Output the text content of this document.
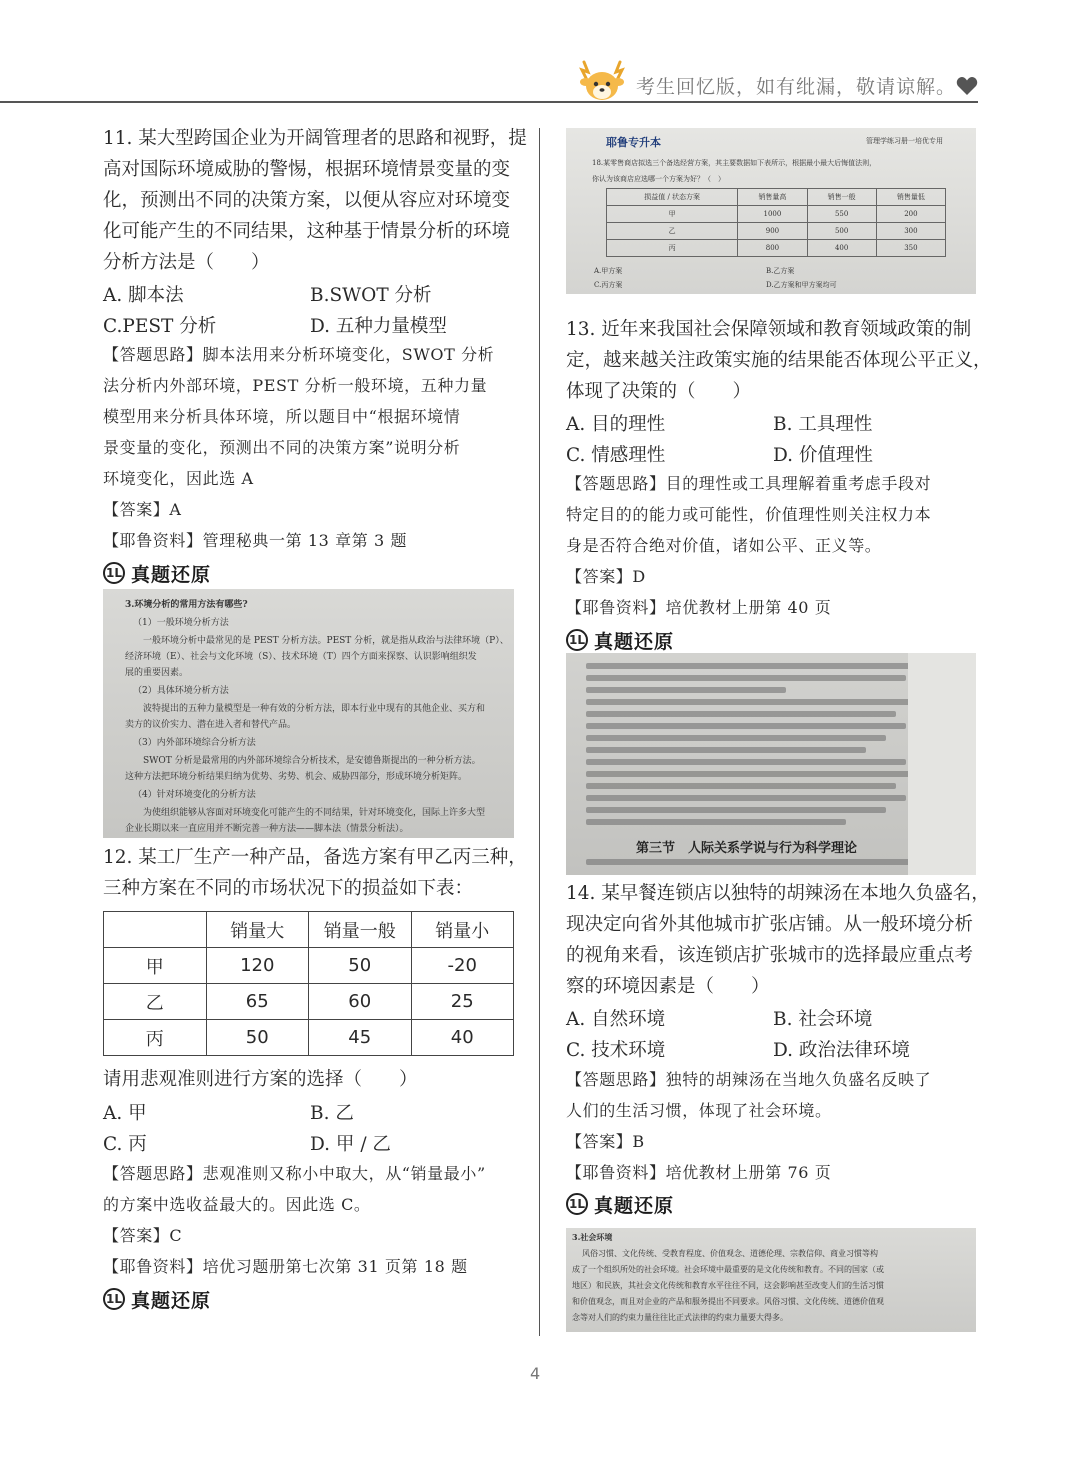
考生回忆版，如有纰漏，敬请谅解。
11. 某大型跨国企业为开阔管理者的思路和视野，提
高对国际环境威胁的警惕，根据环境情景变量的变
化，预测出不同的决策方案，以便从容应对环境变
化可能产生的不同结果，这种基于情景分析的环境
分析方法是（　　）
A. 脚本法	B.SWOT 分析
C.PEST 分析	D. 五种力量模型
【答题思路】脚本法用来分析环境变化，SWOT 分析
法分析内外部环境，PEST 分析一般环境，五种力量
模型用来分析具体环境，所以题目中“根据环境情
景变量的变化，预测出不同的决策方案”说明分析
环境变化，因此选 A
【答案】A
【耶鲁资料】管理秘典一第 13 章第 3 题
1L 真题还原
3.环境分析的常用方法有哪些?
（1）一般环境分析方法
一般环境分析中最常见的是 PEST 分析方法。PEST 分析，就是指从政治与法律环境（P）、
经济环境（E）、社会与文化环境（S）、技术环境（T）四个方面来探察、认识影响组织发
展的重要因素。
（2）具体环境分析方法
波特提出的五种力量模型是一种有效的分析方法，即本行业中现有的其他企业、买方和
卖方的议价实力、潜在进入者和替代产品。
（3）内外部环境综合分析方法
SWOT 分析是最常用的内外部环境综合分析技术，是安德鲁斯提出的一种分析方法。
这种方法把环境分析结果归纳为优势、劣势、机会、威胁四部分，形成环境分析矩阵。
（4）针对环境变化的分析方法
为使组织能够从容面对环境变化可能产生的不同结果，针对环境变化，国际上许多大型
企业长期以来一直应用并不断完善一种方法——脚本法（情景分析法）。
12. 某工厂生产一种产品，备选方案有甲乙丙三种，
三种方案在不同的市场状况下的损益如下表：
	销量大	销量一般	销量小
甲	120	50	-20
乙	65	60	25
丙	50	45	40
请用悲观准则进行方案的选择（　　）
A. 甲	B. 乙
C. 丙	D. 甲 / 乙
【答题思路】悲观准则又称小中取大，从“销量最小”
的方案中选收益最大的。因此选 C。
【答案】C
【耶鲁资料】培优习题册第七次第 31 页第 18 题
1L 真题还原
耶鲁专升本	管理学练习册一培优专用
18.某零售商店拟选三个备选经营方案，其主要数据如下表所示，根据最小最大后悔值法则，
你认为该商店应选哪一个方案为好？（　）
损益值 / 状态方案	销售量高	销售一般	销售量低
甲	1000	550	200
乙	900	500	300
丙	800	400	350
A.甲方案	B.乙方案
C.丙方案	D.乙方案和甲方案均可
13. 近年来我国社会保障领域和教育领域政策的制
定，越来越关注政策实施的结果能否体现公平正义，
体现了决策的（　　）
A. 目的理性	B. 工具理性
C. 情感理性	D. 价值理性
【答题思路】目的理性或工具理解着重考虑手段对
特定目的的能力或可能性，价值理性则关注权力本
身是否符合绝对价值，诸如公平、正义等。
【答案】D
【耶鲁资料】培优教材上册第 40 页
1L 真题还原
第三节　人际关系学说与行为科学理论
14. 某早餐连锁店以独特的胡辣汤在本地久负盛名，
现决定向省外其他城市扩张店铺。从一般环境分析
的视角来看，该连锁店扩张城市的选择最应重点考
察的环境因素是（　　）
A. 自然环境	B. 社会环境
C. 技术环境	D. 政治法律环境
【答题思路】独特的胡辣汤在当地久负盛名反映了
人们的生活习惯，体现了社会环境。
【答案】B
【耶鲁资料】培优教材上册第 76 页
1L 真题还原
3.社会环境
风俗习惯、文化传统、受教育程度、价值观念、道德伦理、宗教信仰、商业习惯等构
成了一个组织所处的社会环境。社会环境中最重要的是文化传统和教育。不同的国家（或
地区）和民族，其社会文化传统和教育水平往往不同，这会影响甚至改变人们的生活习惯
和价值观念，而且对企业的产品和服务提出不同要求。风俗习惯、文化传统、道德价值观
念等对人们的约束力量往往比正式法律的约束力量要大得多。
4
